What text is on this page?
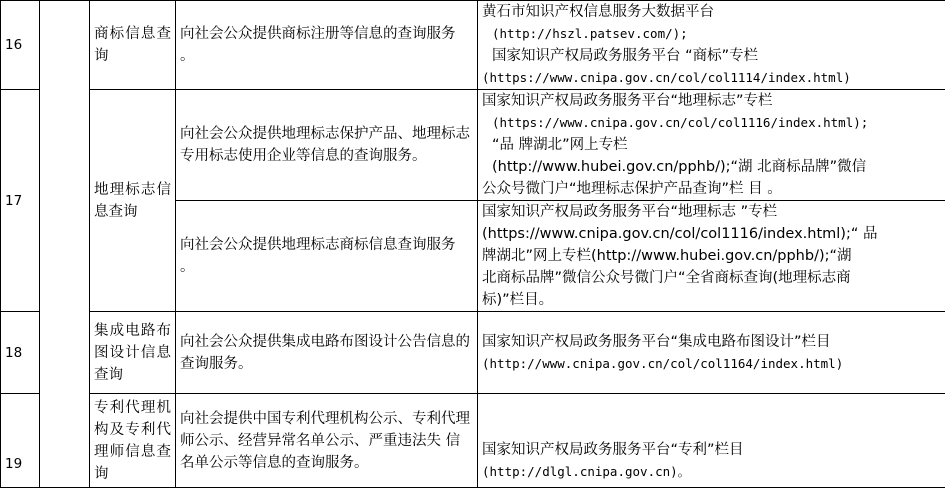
16		商标信息查询	向社会公众提供商标注册等信息的查询服务 。	黄石市知识产权信息服务大数据平台
(http://hszl.patsev.com/);
国家知识产权局政务服务平台 “商标”专栏
(https://www.cnipa.gov.cn/col/col1114/index.html)

17		地理标志信息查询	向社会公众提供地理标志保护产品、地理标志专用标志使用企业等信息的查询服务。	国家知识产权局政务服务平台“地理标志”专栏
(https://www.cnipa.gov.cn/col/col1116/index.html);
“品 牌湖北”网上专栏
(http://www.hubei.gov.cn/pphb/);“湖 北商标品牌”微信
公众号微门户“地理标志保护产品查询”栏 目 。

			向社会公众提供地理标志商标信息查询服务 。	国家知识产权局政务服务平台“地理标志 ”专栏
(https://www.cnipa.gov.cn/col/col1116/index.html);“ 品
牌湖北”网上专栏(http://www.hubei.gov.cn/pphb/);“湖
北商标品牌”微信公众号微门户“全省商标查询(地理标志商
标)”栏目。

18		集成电路布图设计信息查询	向社会公众提供集成电路布图设计公告信息的查询服务。	国家知识产权局政务服务平台“集成电路布图设计”栏目
(http://www.cnipa.gov.cn/col/col1164/index.html)

19		专利代理机构及专利代理师信息查询	向社会提供中国专利代理机构公示、专利代理师公示、经营异常名单公示、严重违法失 信名单公示等信息的查询服务。	国家知识产权局政务服务平台“专利”栏目
(http://dlgl.cnipa.gov.cn)。
